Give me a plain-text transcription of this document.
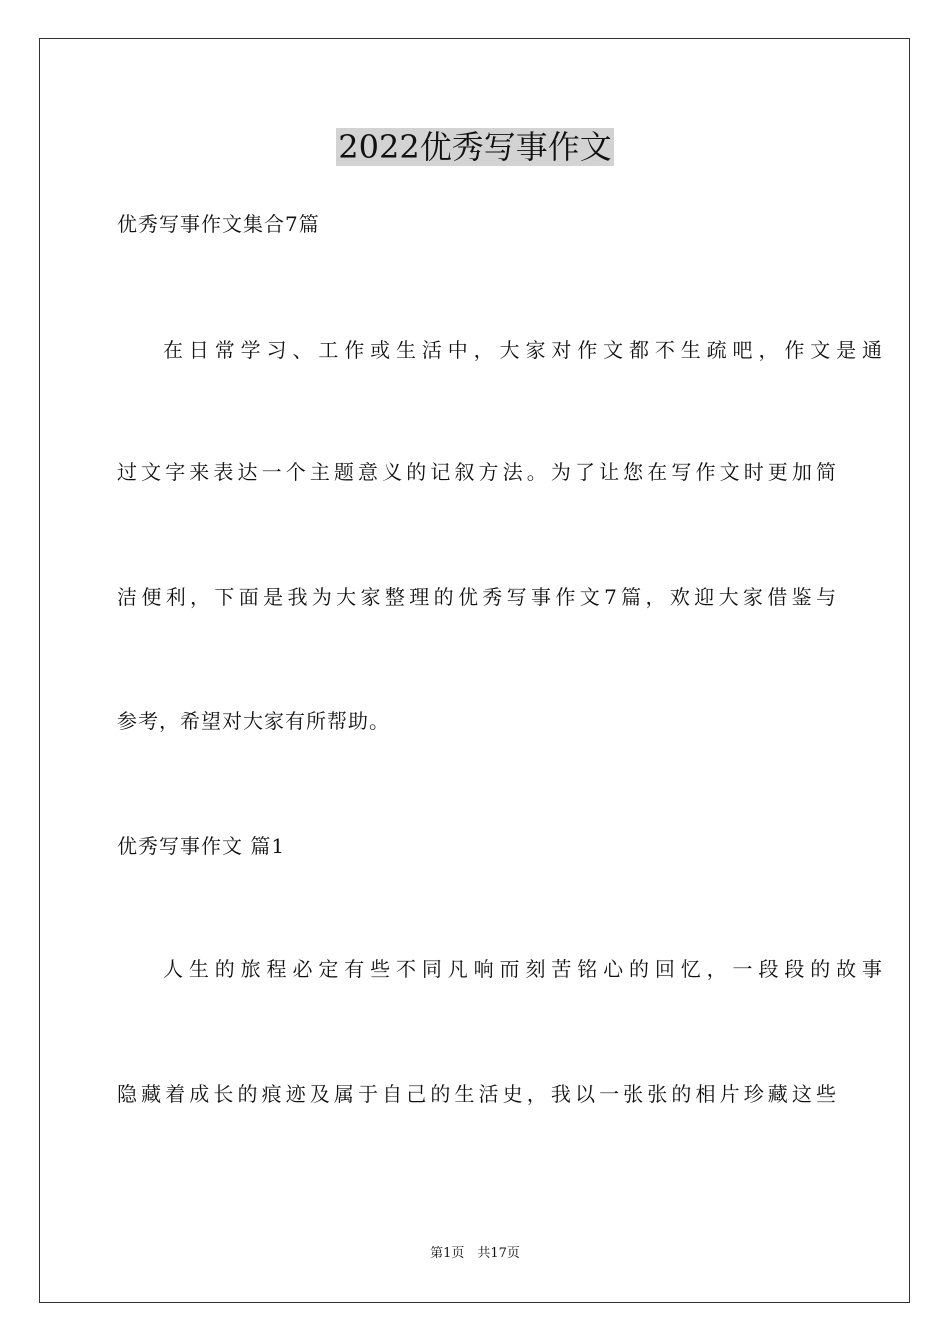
2022优秀写事作文
优秀写事作文集合7篇
在日常学习、工作或生活中，大家对作文都不生疏吧，作文是通
过文字来表达一个主题意义的记叙方法。为了让您在写作文时更加简
洁便利，下面是我为大家整理的优秀写事作文7篇，欢迎大家借鉴与
参考，希望对大家有所帮助。
优秀写事作文 篇1
人生的旅程必定有些不同凡响而刻苦铭心的回忆，一段段的故事
隐藏着成长的痕迹及属于自己的生活史，我以一张张的相片珍藏这些
第1页　共17页
